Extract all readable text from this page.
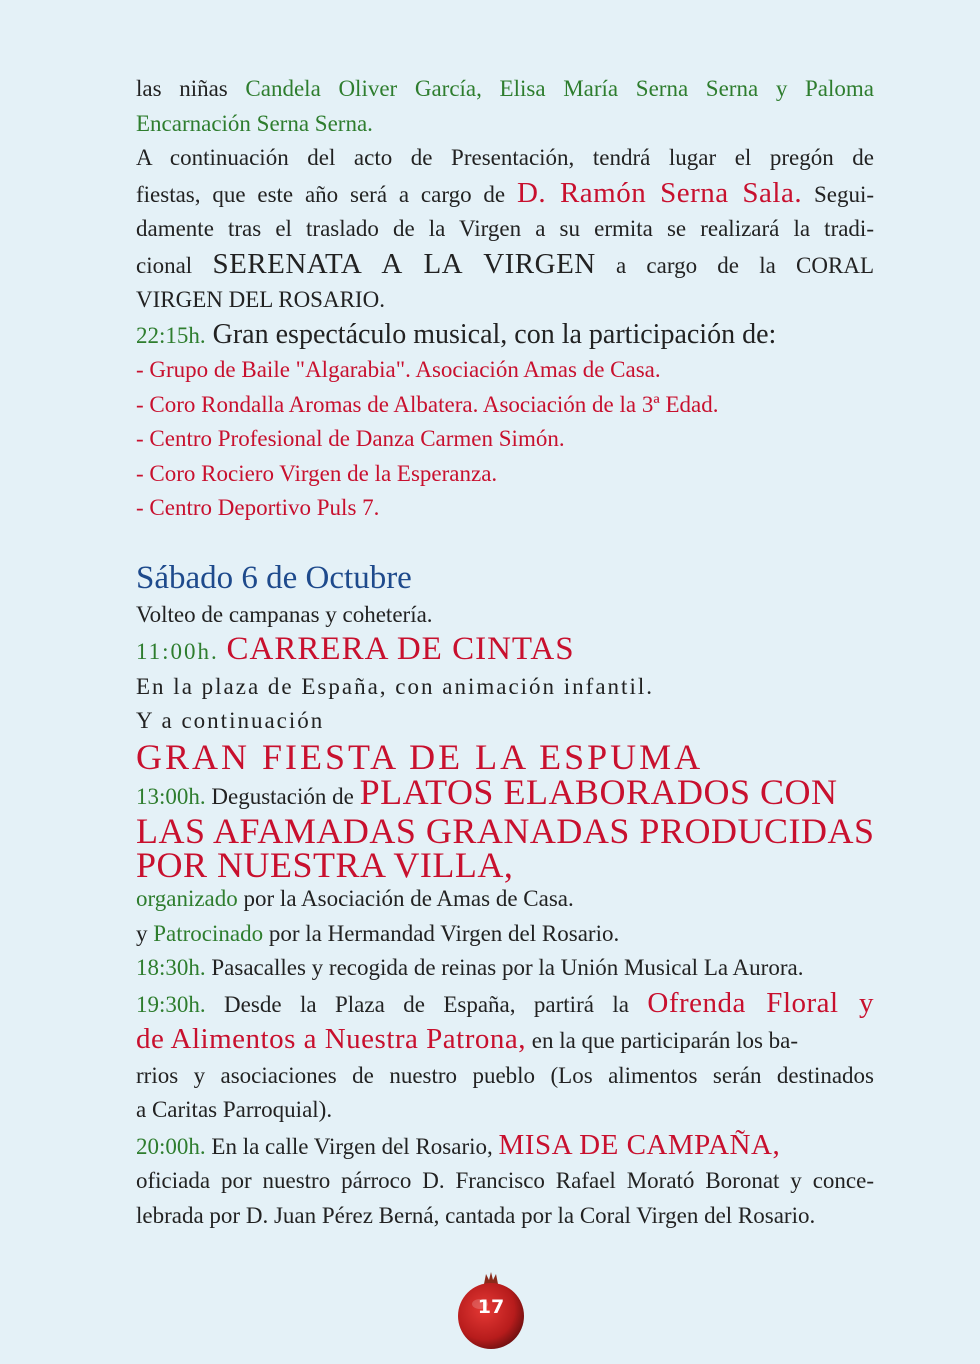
las niñas Candela Oliver García, Elisa María Serna Serna y Paloma
Encarnación Serna Serna.
A continuación del acto de Presentación, tendrá lugar el pregón de
fiestas, que este año será a cargo de D. Ramón Serna Sala. Segui-
damente tras el traslado de la Virgen a su ermita se realizará la tradi-
cional SERENATA A LA VIRGEN a cargo de la CORAL
VIRGEN DEL ROSARIO.
22:15h. Gran espectáculo musical, con la participación de:
- Grupo de Baile "Algarabia". Asociación Amas de Casa.
- Coro Rondalla Aromas de Albatera. Asociación de la 3ª Edad.
- Centro Profesional de Danza Carmen Simón.
- Coro Rociero Virgen de la Esperanza.
- Centro Deportivo Puls 7.
Sábado 6 de Octubre
Volteo de campanas y cohetería.
11:00h. CARRERA DE CINTAS
En la plaza de España, con animación infantil.
Y a continuación
GRAN FIESTA DE LA ESPUMA
13:00h. Degustación de PLATOS ELABORADOS CON
LAS AFAMADAS GRANADAS PRODUCIDAS
POR NUESTRA VILLA,
organizado por la Asociación de Amas de Casa.
y Patrocinado por la Hermandad Virgen del Rosario.
18:30h. Pasacalles y recogida de reinas por la Unión Musical La Aurora.
19:30h. Desde la Plaza de España, partirá la Ofrenda Floral y
de Alimentos a Nuestra Patrona, en la que participarán los ba-
rrios y asociaciones de nuestro pueblo (Los alimentos serán destinados
a Caritas Parroquial).
20:00h. En la calle Virgen del Rosario, MISA DE CAMPAÑA,
oficiada por nuestro párroco D. Francisco Rafael Morató Boronat y conce-
lebrada por D. Juan Pérez Berná, cantada por la Coral Virgen del Rosario.
17
